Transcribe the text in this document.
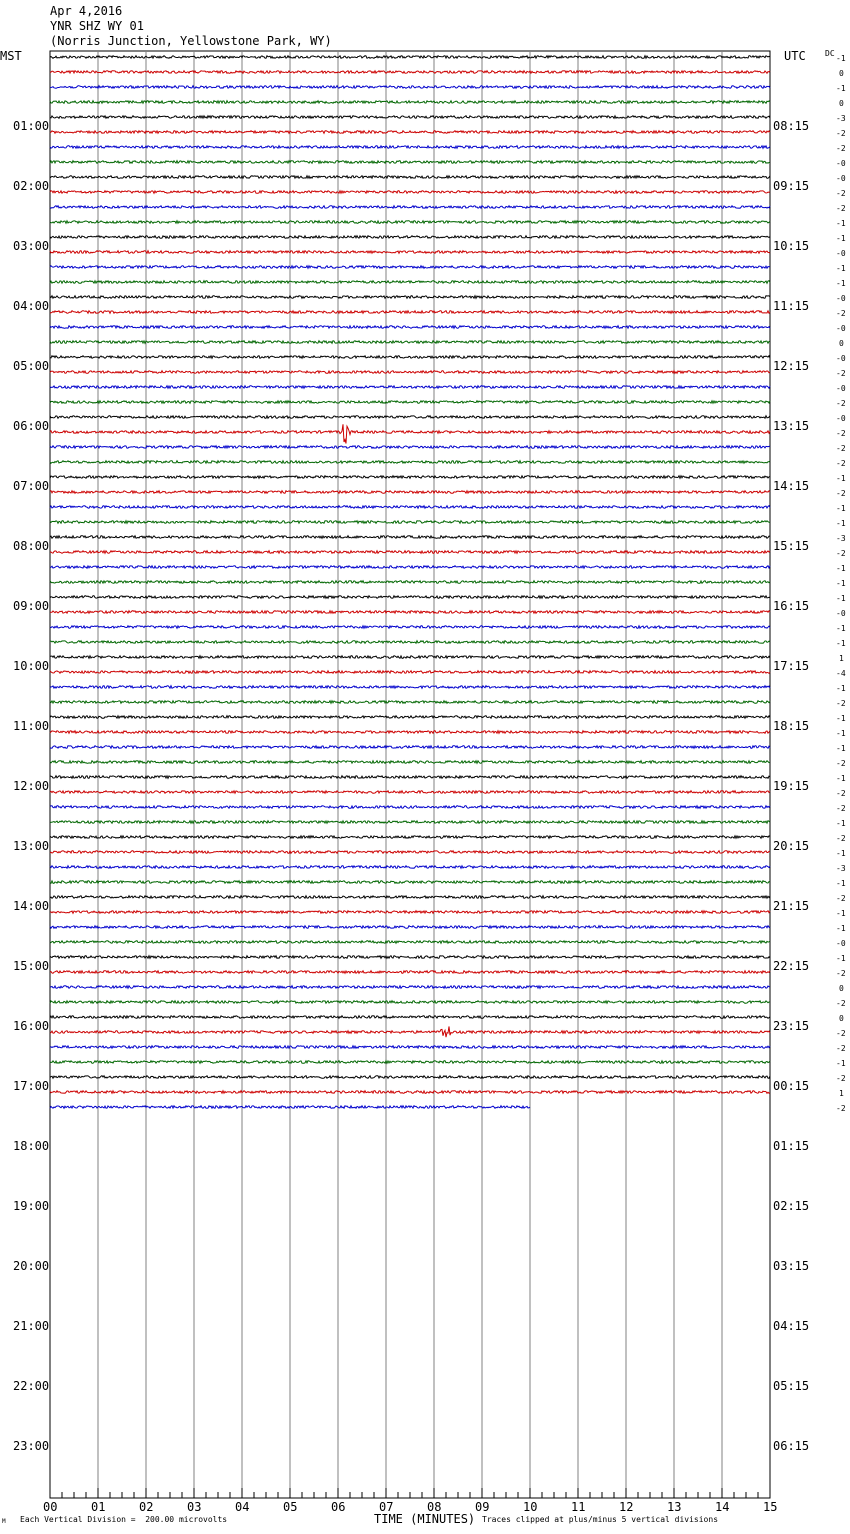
Apr 4,2016
YNR SHZ WY 01
(Norris Junction, Yellowstone Park, WY)
MST	UTC DC
00	01	02	03	04	05	06	07	08	09	10	11	12	13	14	15
01:00	08:15
02:00	09:15
03:00	10:15
04:00	11:15
05:00	12:15
06:00	13:15
07:00	14:15
08:00	15:15
09:00	16:15
10:00	17:15
11:00	18:15
12:00	19:15
13:00	20:15
14:00	21:15
15:00	22:15
16:00	23:15
17:00	00:15
18:00	01:15
19:00	02:15
20:00	03:15
21:00	04:15
22:00	05:15
23:00	06:15
-1
0
-1
0
-3
-2
-2
-0
-0
-2
-2
-1
-1
-0
-1
-1
-0
-2
-0
0
-0
-2
-0
-2
-0
-2
-2
-2
-1
-2
-1
-1
-3
-2
-1
-1
-1
-0
-1
-1
1
-4
-1
-2
-1
-1
-1
-2
-1
-2
-2
-1
-2
-1
-3
-1
-2
-1
-1
-0
-1
-2
0
-2
0
-2
-2
-1
-2
1
-2
M Each Vertical Division =  200.00 microvolts	TIME (MINUTES) Traces clipped at plus/minus 5 vertical divisions
